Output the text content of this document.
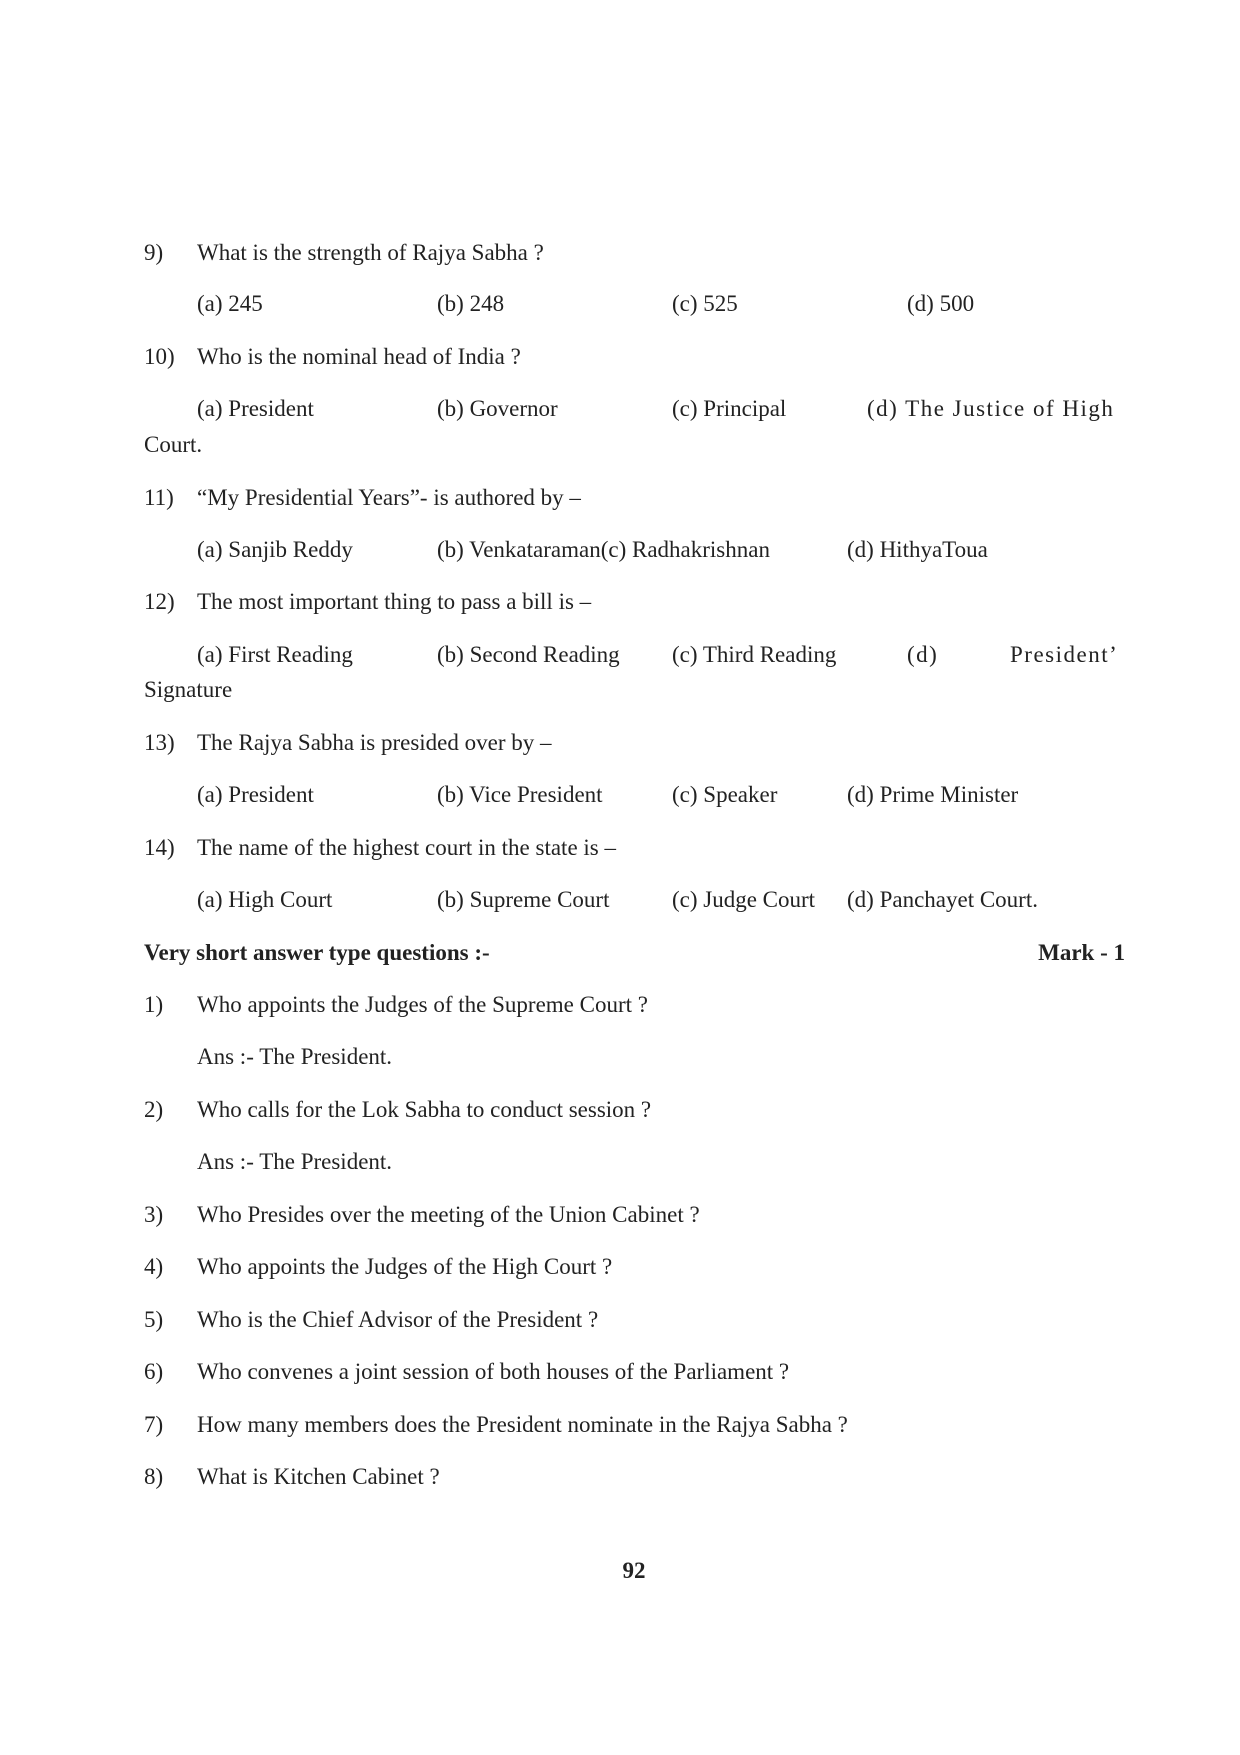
9) What is the strength of Rajya Sabha ?
(a) 245	(b) 248	(c) 525	(d) 500
10) Who is the nominal head of India ?
(a) President	(b) Governor	(c) Principal	(d) The Justice of High
Court.
11) “My Presidential Years”- is authored by –
(a) Sanjib Reddy	(b) Venkataraman(c) Radhakrishnan	(d) HithyaToua
12) The most important thing to pass a bill is –
(a) First Reading	(b) Second Reading (c) Third Reading	(d)	President’
Signature
13) The Rajya Sabha is presided over by –
(a) President	(b) Vice President	(c) Speaker	(d) Prime Minister
14) The name of the highest court in the state is –
(a) High Court	(b) Supreme Court	(c) Judge Court (d) Panchayet Court.
Very short answer type questions :-	Mark - 1
1) Who appoints the Judges of the Supreme Court ?
Ans :- The President.
2) Who calls for the Lok Sabha to conduct session ?
Ans :- The President.
3) Who Presides over the meeting of the Union Cabinet ?
4) Who appoints the Judges of the High Court ?
5) Who is the Chief Advisor of the President ?
6) Who convenes a joint session of both houses of the Parliament ?
7) How many members does the President nominate in the Rajya Sabha ?
8) What is Kitchen Cabinet ?
92
